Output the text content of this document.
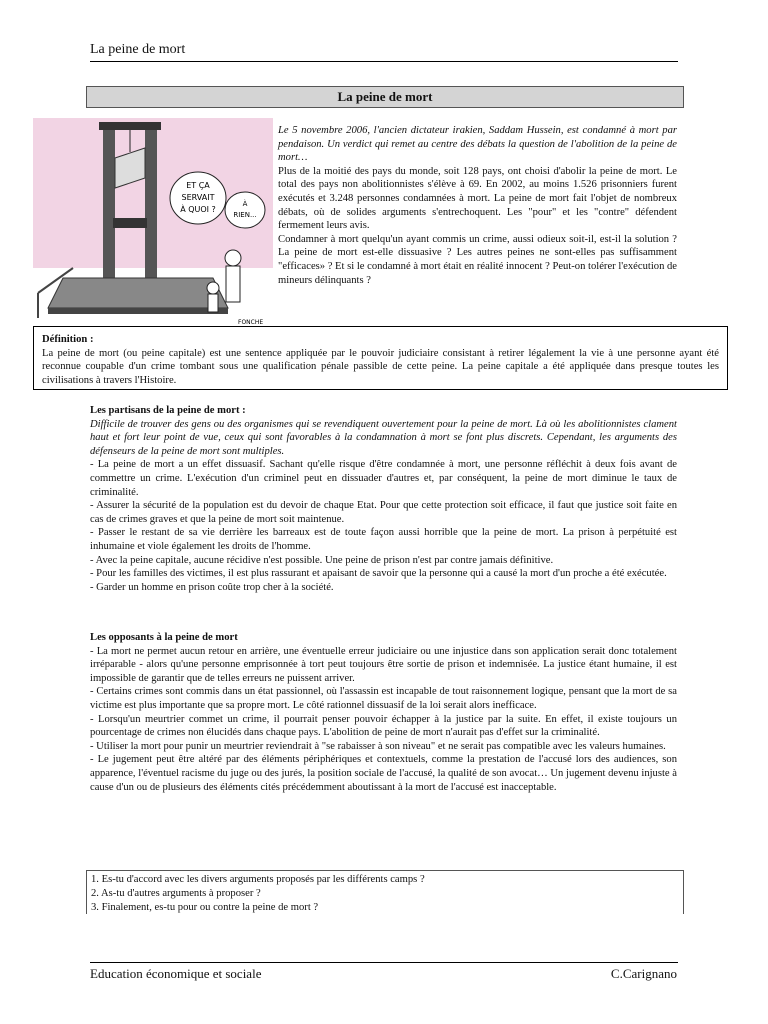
La peine de mort
La peine de mort
ET ÇA
SERVAIT
À QUOI ?
À
RIEN...
FONCHE

Le 5 novembre 2006, l'ancien dictateur irakien, Saddam Hussein, est condamné à mort par pendaison. Un verdict qui remet au centre des débats la question de l'abolition de la peine de mort…

Plus de la moitié des pays du monde, soit 128 pays, ont choisi d'abolir la peine de mort. Le total des pays non abolitionnistes s'élève à 69. En 2002, au moins 1.526 prisonniers furent exécutés et 3.248 personnes condamnées à mort. La peine de mort fait l'objet de nombreux débats, où de solides arguments s'entrechoquent. Les "pour" et les "contre" défendent fermement leurs avis.

Condamner à mort quelqu'un ayant commis un crime, aussi odieux soit-il, est-il la solution ? La peine de mort est-elle dissuasive ? Les autres peines ne sont-elles pas suffisamment "efficaces» ? Et si le condamné à mort était en réalité innocent ? Peut-on tolérer l'exécution de mineurs délinquants ?

Définition :
La peine de mort (ou peine capitale) est une sentence appliquée par le pouvoir judiciaire consistant à retirer légalement la vie à une personne ayant été reconnue coupable d'un crime tombant sous une qualification pénale passible de cette peine. La peine capitale a été appliquée dans presque toutes les civilisations à travers l'Histoire.

Les partisans de la peine de mort :

Difficile de trouver des gens ou des organismes qui se revendiquent ouvertement pour la peine de mort. Là où les abolitionnistes clament haut et fort leur point de vue, ceux qui sont favorables à la condamnation à mort se font plus discrets. Cependant, les arguments des défenseurs de la peine de mort sont multiples.

- La peine de mort a un effet dissuasif. Sachant qu'elle risque d'être condamnée à mort, une personne réfléchit à deux fois avant de commettre un crime. L'exécution d'un criminel peut en dissuader d'autres et, par conséquent, la peine de mort diminue le taux de criminalité.

- Assurer la sécurité de la population est du devoir de chaque Etat. Pour que cette protection soit efficace, il faut que justice soit faite en cas de crimes graves et que la peine de mort soit maintenue.

- Passer le restant de sa vie derrière les barreaux est de toute façon aussi horrible que la peine de mort. La prison à perpétuité est inhumaine et viole également les droits de l'homme.

- Avec la peine capitale, aucune récidive n'est possible. Une peine de prison n'est par contre jamais définitive.

- Pour les familles des victimes, il est plus rassurant et apaisant de savoir que la personne qui a causé la mort d'un proche a été exécutée.

- Garder un homme en prison coûte trop cher à la société.

Les opposants à la peine de mort

- La mort ne permet aucun retour en arrière, une éventuelle erreur judiciaire ou une injustice dans son application serait donc totalement irréparable - alors qu'une personne emprisonnée à tort peut toujours être sortie de prison et indemnisée. La justice étant humaine, il est impossible de garantir que de telles erreurs ne puissent arriver.

- Certains crimes sont commis dans un état passionnel, où l'assassin est incapable de tout raisonnement logique, pensant que la mort de sa victime est plus importante que sa propre mort. Le côté rationnel dissuasif de la loi serait alors inefficace.

- Lorsqu'un meurtrier commet un crime, il pourrait penser pouvoir échapper à la justice par la suite. En effet, il existe toujours un pourcentage de crimes non élucidés dans chaque pays. L'abolition de peine de mort n'aurait pas d'effet sur la criminalité.

- Utiliser la mort pour punir un meurtrier reviendrait à "se rabaisser à son niveau" et ne serait pas compatible avec les valeurs humaines.

- Le jugement peut être altéré par des éléments périphériques et contextuels, comme la prestation de l'accusé lors des audiences, son apparence, l'éventuel racisme du juge ou des jurés, la position sociale de l'accusé, la qualité de son avocat… Un jugement devenu injuste à cause d'un ou de plusieurs des éléments cités précédemment aboutissant à la mort de l'accusé est inacceptable.

1. Es-tu d'accord avec les divers arguments proposés par les différents camps ?

2. As-tu d'autres arguments à proposer ?

3. Finalement, es-tu pour ou contre la peine de mort ?

Education économique et sociale	C.Carignano
